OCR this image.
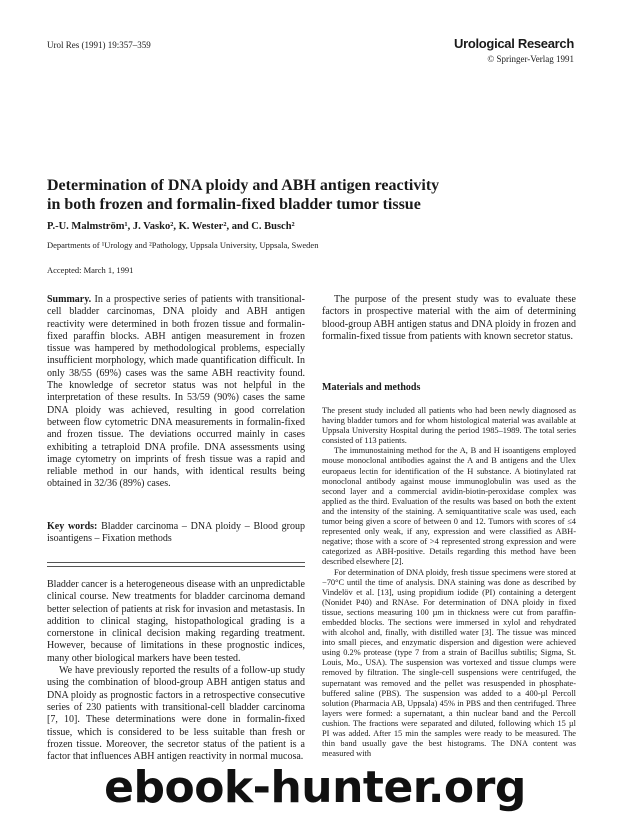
Urol Res (1991) 19:357–359	Urological Research
© Springer-Verlag 1991
Determination of DNA ploidy and ABH antigen reactivity
in both frozen and formalin-fixed bladder tumor tissue
P.-U. Malmström¹, J. Vasko², K. Wester², and C. Busch²
Departments of ¹Urology and ²Pathology, Uppsala University, Uppsala, Sweden
Accepted: March 1, 1991
Summary. In a prospective series of patients with transitional-cell bladder carcinomas, DNA ploidy and ABH antigen reactivity were determined in both frozen tissue and formalin-fixed paraffin blocks. ABH antigen measurement in frozen tissue was hampered by methodological problems, especially insufficient morphology, which made quantification difficult. In only 38/55 (69%) cases was the same ABH reactivity found. The knowledge of secretor status was not helpful in the interpretation of these results. In 53/59 (90%) cases the same DNA ploidy was achieved, resulting in good correlation between flow cytometric DNA measurements in formalin-fixed and frozen tissue. The deviations occurred mainly in cases exhibiting a tetraploid DNA profile. DNA assessments using image cytometry on imprints of fresh tissue was a rapid and reliable method in our hands, with identical results being obtained in 32/36 (89%) cases.
Key words: Bladder carcinoma – DNA ploidy – Blood group isoantigens – Fixation methods

Bladder cancer is a heterogeneous disease with an unpredictable clinical course. New treatments for bladder carcinoma demand better selection of patients at risk for invasion and metastasis. In addition to clinical staging, histopathological grading is a cornerstone in clinical decision making regarding treatment. However, because of limitations in these prognostic indices, many other biological markers have been tested.

We have previously reported the results of a follow-up study using the combination of blood-group ABH antigen status and DNA ploidy as prognostic factors in a retrospective consecutive series of 230 patients with transitional-cell bladder carcinoma [7, 10]. These determinations were done in formalin-fixed tissue, which is considered to be less suitable than fresh or frozen tissue. Moreover, the secretor status of the patient is a factor that influences ABH antigen reactivity in normal mucosa.

The purpose of the present study was to evaluate these factors in prospective material with the aim of determining blood-group ABH antigen status and DNA ploidy in frozen and formalin-fixed tissue from patients with known secretor status.
Materials and methods

The present study included all patients who had been newly diagnosed as having bladder tumors and for whom histological material was available at Uppsala University Hospital during the period 1985–1989. The total series consisted of 113 patients.

The immunostaining method for the A, B and H isoantigens employed mouse monoclonal antibodies against the A and B antigens and the Ulex europaeus lectin for identification of the H substance. A biotinylated rat monoclonal antibody against mouse immunoglobulin was used as the second layer and a commercial avidin-biotin-peroxidase complex was applied as the third. Evaluation of the results was based on both the extent and the intensity of the staining. A semiquantitative scale was used, each tumor being given a score of between 0 and 12. Tumors with scores of ≤4 represented only weak, if any, expression and were classified as ABH-negative; those with a score of >4 represented strong expression and were categorized as ABH-positive. Details regarding this method have been described elsewhere [2].

For determination of DNA ploidy, fresh tissue specimens were stored at −70°C until the time of analysis. DNA staining was done as described by Vindelöv et al. [13], using propidium iodide (PI) containing a detergent (Nonidet P40) and RNAse. For determination of DNA ploidy in fixed tissue, sections measuring 100 µm in thickness were cut from paraffin-embedded blocks. The sections were immersed in xylol and rehydrated with alcohol and, finally, with distilled water [3]. The tissue was minced into small pieces, and enzymatic dispersion and digestion were achieved using 0.2% protease (type 7 from a strain of Bacillus subtilis; Sigma, St. Louis, Mo., USA). The suspension was vortexed and tissue clumps were removed by filtration. The single-cell suspensions were centrifuged, the supernatant was removed and the pellet was resuspended in phosphate-buffered saline (PBS). The suspension was added to a 400-µl Percoll solution (Pharmacia AB, Uppsala) 45% in PBS and then centrifuged. Three layers were formed: a supernatant, a thin nuclear band and the Percoll cushion. The fractions were separated and diluted, following which 15 µl PI was added. After 15 min the samples were ready to be measured. The thin band usually gave the best histograms. The DNA content was measured with

ebook-hunter.org
